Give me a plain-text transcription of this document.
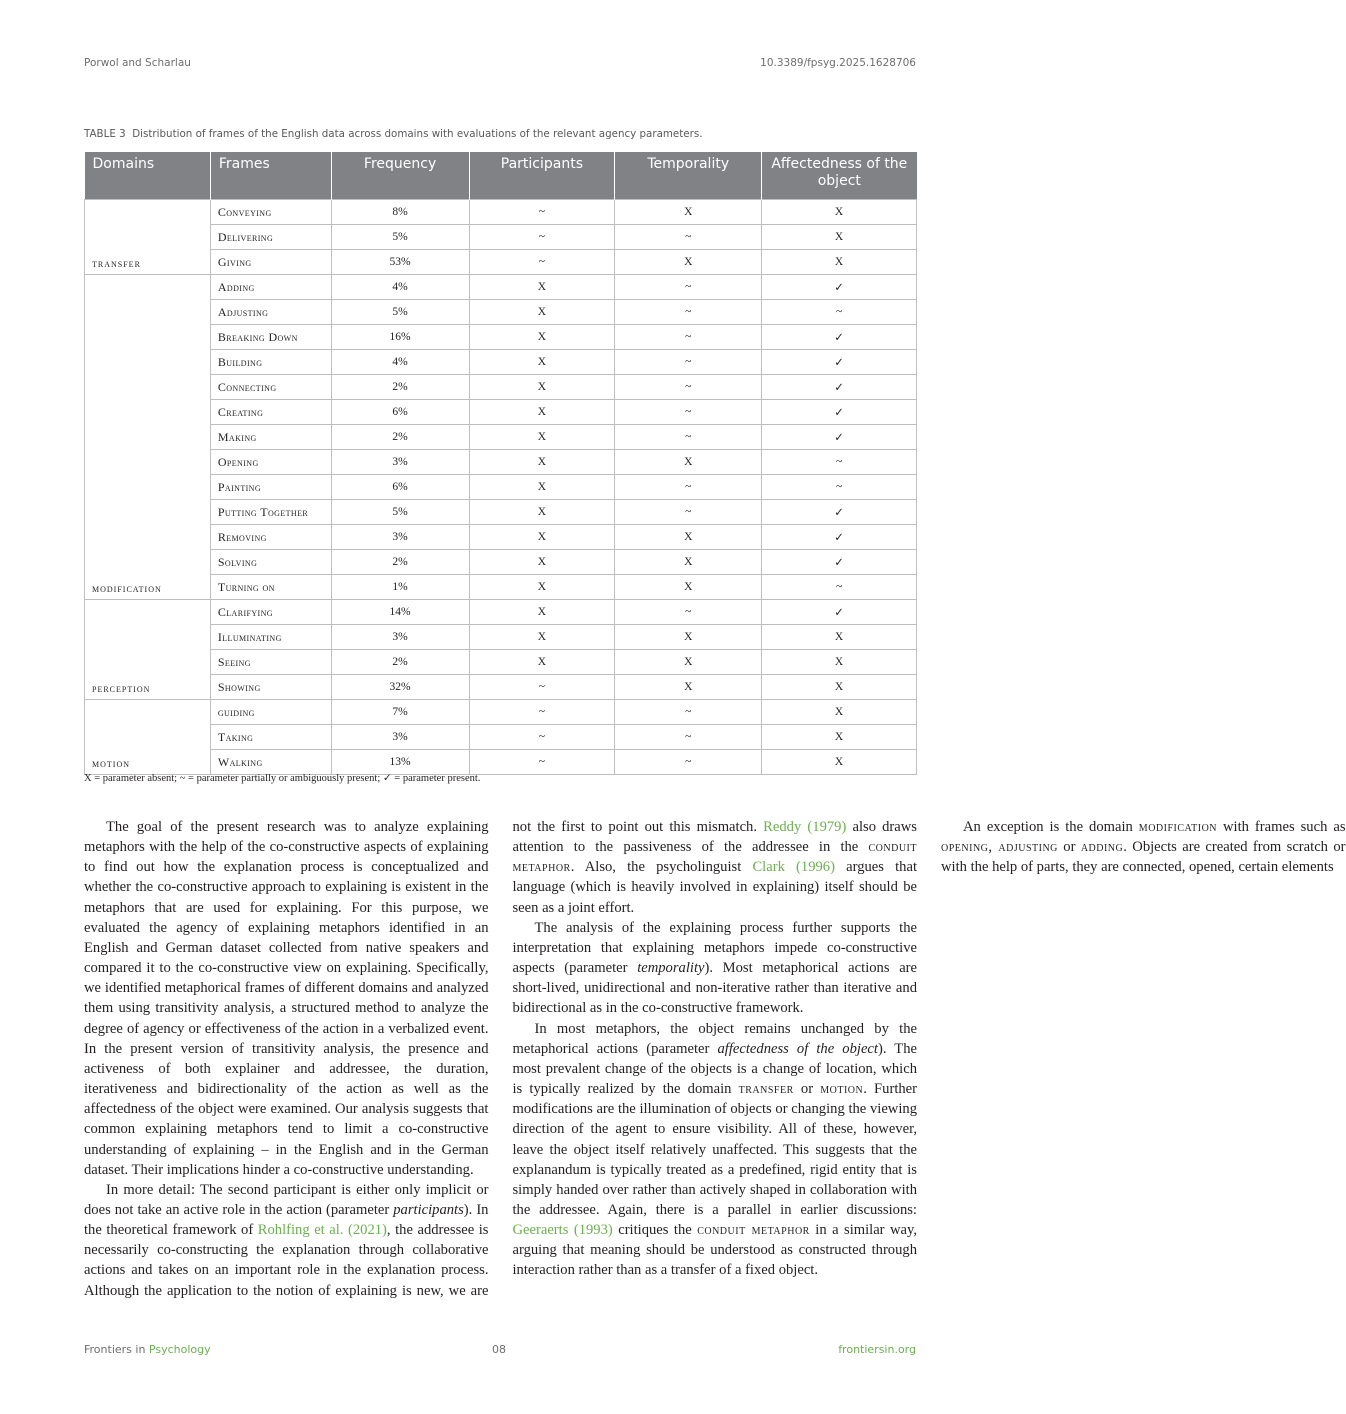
Porwol and Scharlau	10.3389/fpsyg.2025.1628706
TABLE 3 Distribution of frames of the English data across domains with evaluations of the relevant agency parameters.
Domains	Frames	Frequency	Participants	Temporality	Affectedness of the object
transfer	Conveying	8%	~	X	X
	Delivering	5%	~	~	X
	Giving	53%	~	X	X
modification	Adding	4%	X	~	✓
	Adjusting	5%	X	~	~
	Breaking Down	16%	X	~	✓
	Building	4%	X	~	✓
	Connecting	2%	X	~	✓
	Creating	6%	X	~	✓
	Making	2%	X	~	✓
	Opening	3%	X	X	~
	Painting	6%	X	~	~
	Putting Together	5%	X	~	✓
	Removing	3%	X	X	✓
	Solving	2%	X	X	✓
	Turning on	1%	X	X	~
perception	Clarifying	14%	X	~	✓
	Illuminating	3%	X	X	X
	Seeing	2%	X	X	X
	Showing	32%	~	X	X
motion	guiding	7%	~	~	X
	Taking	3%	~	~	X
	Walking	13%	~	~	X
X = parameter absent; ~ = parameter partially or ambiguously present; ✓ = parameter present.

The goal of the present research was to analyze explaining metaphors with the help of the co-constructive aspects of explaining to find out how the explanation process is conceptualized and whether the co-constructive approach to explaining is existent in the metaphors that are used for explaining. For this purpose, we evaluated the agency of explaining metaphors identified in an English and German dataset collected from native speakers and compared it to the co-constructive view on explaining. Specifically, we identified metaphorical frames of different domains and analyzed them using transitivity analysis, a structured method to analyze the degree of agency or effectiveness of the action in a verbalized event. In the present version of transitivity analysis, the presence and activeness of both explainer and addressee, the duration, iterativeness and bidirectionality of the action as well as the affectedness of the object were examined. Our analysis suggests that common explaining metaphors tend to limit a co-constructive understanding of explaining – in the English and in the German dataset. Their implications hinder a co-constructive understanding.

In more detail: The second participant is either only implicit or does not take an active role in the action (parameter participants). In the theoretical framework of Rohlfing et al. (2021), the addressee is necessarily co-constructing the explanation through collaborative actions and takes on an important role in the explanation process. Although the application to the notion of explaining is new, we are not the first to point out this mismatch. Reddy (1979) also draws attention to the passiveness of the addressee in the conduit metaphor. Also, the psycholinguist Clark (1996) argues that language (which is heavily involved in explaining) itself should be seen as a joint effort.

The analysis of the explaining process further supports the interpretation that explaining metaphors impede co-constructive aspects (parameter temporality). Most metaphorical actions are short-lived, unidirectional and non-iterative rather than iterative and bidirectional as in the co-constructive framework.

In most metaphors, the object remains unchanged by the metaphorical actions (parameter affectedness of the object). The most prevalent change of the objects is a change of location, which is typically realized by the domain transfer or motion. Further modifications are the illumination of objects or changing the viewing direction of the agent to ensure visibility. All of these, however, leave the object itself relatively unaffected. This suggests that the explanandum is typically treated as a predefined, rigid entity that is simply handed over rather than actively shaped in collaboration with the addressee. Again, there is a parallel in earlier discussions: Geeraerts (1993) critiques the conduit metaphor in a similar way, arguing that meaning should be understood as constructed through interaction rather than as a transfer of a fixed object.

An exception is the domain modification with frames such as opening, adjusting or adding. Objects are created from scratch or with the help of parts, they are connected, opened, certain elements

Frontiers in Psychology	08	frontiersin.org
